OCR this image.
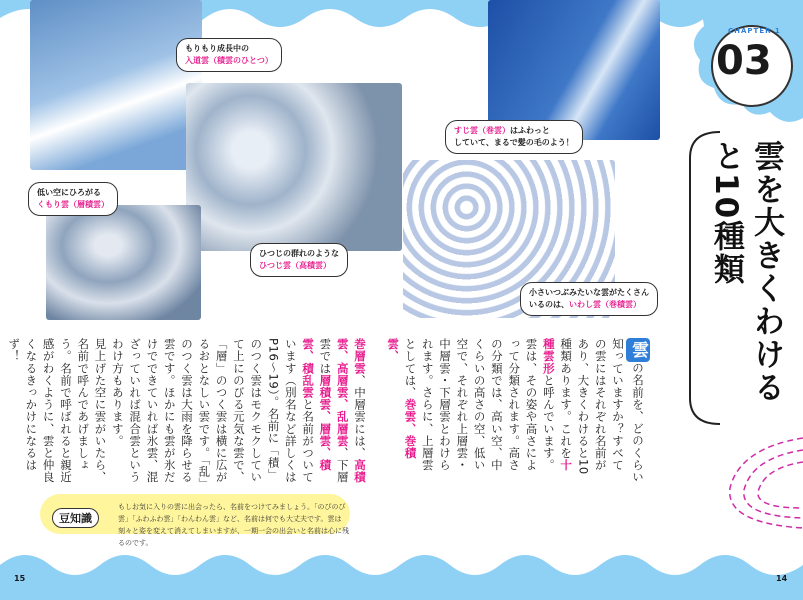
もりもり成長中の
入道雲（積雲のひとつ）
すじ雲（巻雲）はふわっと
していて、まるで髪の毛のよう！
低い空にひろがる
くもり雲（層積雲）
ひつじの群れのような
ひつじ雲（高積雲）
小さいつぶみたいな雲がたくさん
いるのは、いわし雲（巻積雲）
CHAPTER 1
03
雲を大きくわけると10種類
雲の名前を、どのくらい知っていますか？すべての雲にはそれぞれ名前があり、大きくわけると10種類あります。これを十種雲形と呼んでいます。
雲は、その姿や高さによって分類されます。高さの分類では、高い空、中くらいの高さの空、低い空で、それぞれ上層雲・中層雲・下層雲とわけられます。さらに、上層雲としては、巻雲、巻積雲、
巻層雲、中層雲には、高積雲、高層雲、乱層雲、下層雲では層積雲、層雲、積雲、積乱雲と名前がついています（別名など詳しくはP16〜19）。名前に「積」のつく雲はモクモクしていて上にのびる元気な雲で、「層」のつく雲は横に広がるおとなしい雲です。「乱」のつく雲は大雨を降らせる雲です。ほかにも雲が氷だけでできていれば氷雲、混ざっていれば混合雲というわけ方もあります。
見上げた空に雲がいたら、名前で呼んであげましょう。名前で呼ばれると親近感がわくように、雲と仲良くなるきっかけになるはず！
豆知識
もしお気に入りの雲に出会ったら、名前をつけてみましょう。「のびのび雲」「ふわふわ雲」「わんわん雲」など、名前は何でも大丈夫です。雲は刻々と姿を変えて消えてしまいますが、一期一会の出会いと名前は心に残るのです。
15	14
